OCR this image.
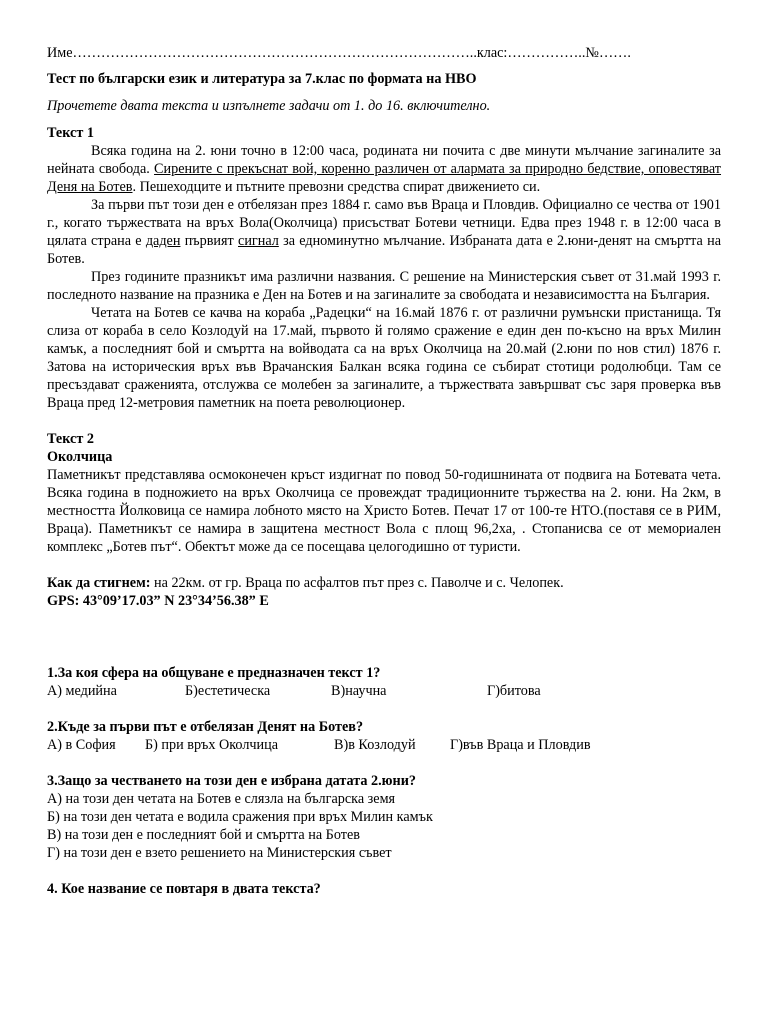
Име…………………………………………………………………………..клас:……………..№…….

Тест по български език и литература за 7.клас по формата на НВО

Прочетете двата текста и изпълнете задачи от 1. до 16. включително.

Текст 1

Всяка година на 2. юни точно в 12:00 часа, родината ни почита с две минути мълчание загиналите за нейната свобода. Сирените с прекъснат вой, коренно различен от алармата за природно бедствие, оповестяват Деня на Ботев. Пешеходците и пътните превозни средства спират движението си.

За първи път този ден е отбелязан през 1884 г. само във Враца и Пловдив. Официално се чества от 1901 г., когато тържествата на връх Вола(Околчица) присъстват Ботеви четници. Едва през 1948 г. в 12:00 часа в цялата страна е даден първият сигнал за едноминутно мълчание. Избраната дата е 2.юни-денят на смъртта на Ботев.

През годините празникът има различни названия. С решение на Министерския съвет от 31.май 1993 г. последното название на празника е Ден на Ботев и на загиналите за свободата и независимостта на България.

Четата на Ботев се качва на кораба „Радецки“ на 16.май 1876 г. от различни румънски пристанища. Тя слиза от кораба в село Козлодуй на 17.май, първото й голямо сражение е един ден по-късно на връх Милин камък, а последният бой и смъртта на войводата са на връх Околчица на 20.май (2.юни по нов стил) 1876 г. Затова на историческия връх във Врачанския Балкан всяка година се събират стотици родолюбци. Там се пресъздават сраженията, отслужва се молебен за загиналите, а тържествата завършват със заря проверка във Враца пред 12-метровия паметник на поета революционер.

Текст 2

Околчица

Паметникът представлява осмоконечен кръст издигнат по повод 50-годишнината от подвига на Ботевата чета. Всяка година в подножието на връх Околчица се провеждат традиционните тържества на 2. юни. На 2км, в местността Йолковица се намира лобното място на Христо Ботев. Печат 17 от 100-те НТО.(поставя се в РИМ, Враца). Паметникът се намира в защитена местност Вола с площ 96,2ха, . Стопанисва се от мемориален комплекс „Ботев път“. Обектът може да се посещава целогодишно от туристи.

Как да стигнем: на 22км. от гр. Враца по асфалтов път през с. Паволче и с. Челопек.

GPS: 43°09’17.03” N 23°34’56.38” E

1.За коя сфера на общуване е предназначен текст 1?

А) медийна	Б)естетическа	В)научна	Г)битова

2.Къде за първи път е отбелязан Денят на Ботев?

А) в София	Б) при връх Околчица	В)в Козлодуй	Г)във Враца и Пловдив

3.Защо за честването на този ден е избрана датата 2.юни?

А) на този ден четата на Ботев е слязла на българска земя

Б) на този ден четата е водила сражения при връх Милин камък

В) на този ден е последният бой и смъртта на Ботев

Г) на този ден е взето решението на Министерския съвет

4. Кое название се повтаря в двата текста?
